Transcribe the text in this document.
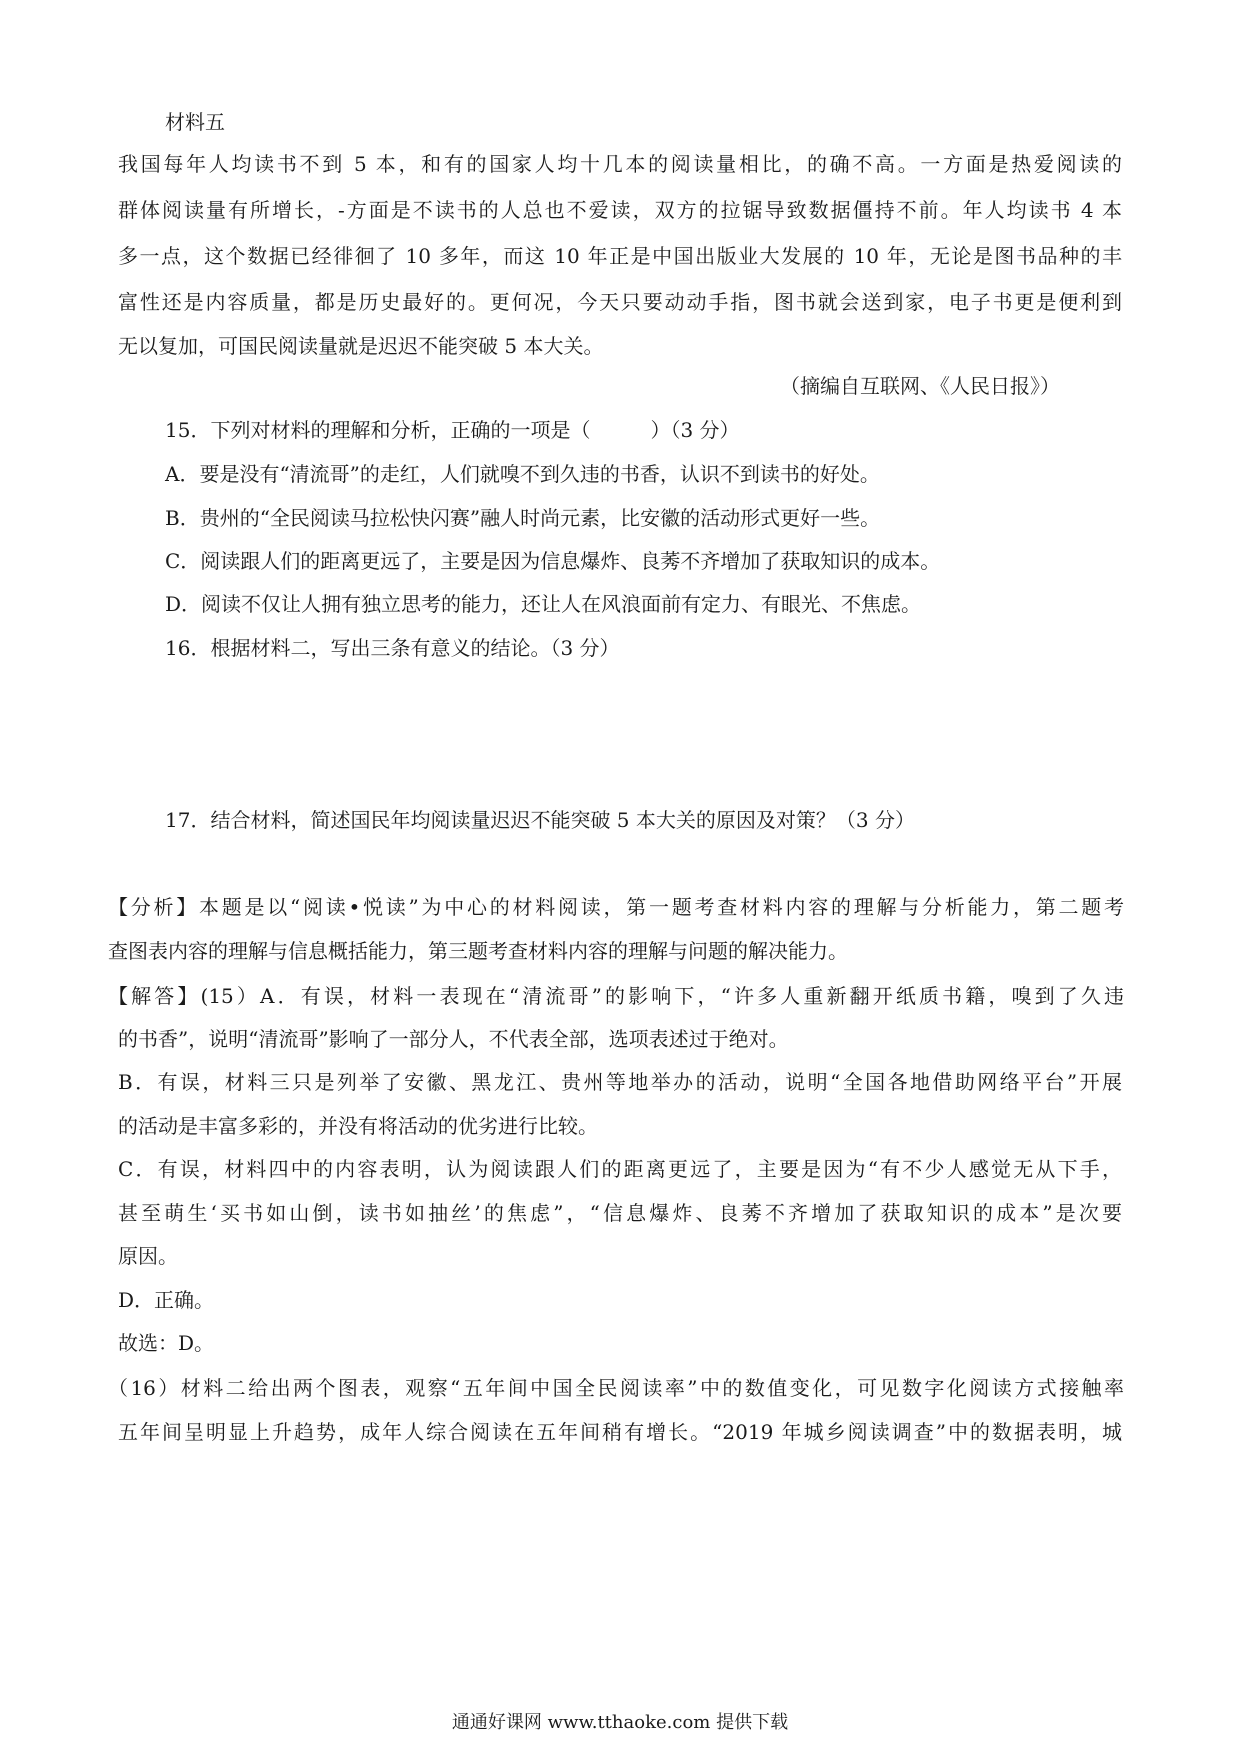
材料五
我国每年人均读书不到 5 本，和有的国家人均十几本的阅读量相比，的确不高。一方面是热爱阅读的
群体阅读量有所增长，-方面是不读书的人总也不爱读，双方的拉锯导致数据僵持不前。年人均读书 4 本
多一点，这个数据已经徘徊了 10 多年，而这 10 年正是中国出版业大发展的 10 年，无论是图书品种的丰
富性还是内容质量，都是历史最好的。更何况，今天只要动动手指，图书就会送到家，电子书更是便利到
无以复加，可国民阅读量就是迟迟不能突破 5 本大关。
（摘编自互联网、《人民日报》）
15．下列对材料的理解和分析，正确的一项是（　　　）（3 分）
A．要是没有“清流哥”的走红，人们就嗅不到久违的书香，认识不到读书的好处。
B．贵州的“全民阅读马拉松快闪赛”融人时尚元素，比安徽的活动形式更好一些。
C．阅读跟人们的距离更远了，主要是因为信息爆炸、良莠不齐增加了获取知识的成本。
D．阅读不仅让人拥有独立思考的能力，还让人在风浪面前有定力、有眼光、不焦虑。
16．根据材料二，写出三条有意义的结论。（3 分）
17．结合材料，简述国民年均阅读量迟迟不能突破 5 本大关的原因及对策？（3 分）
【分析】本题是以“阅读•悦读”为中心的材料阅读，第一题考查材料内容的理解与分析能力，第二题考
查图表内容的理解与信息概括能力，第三题考查材料内容的理解与问题的解决能力。
【解答】(15）A．有误，材料一表现在“清流哥”的影响下，“许多人重新翻开纸质书籍，嗅到了久违
的书香”，说明“清流哥”影响了一部分人，不代表全部，选项表述过于绝对。
B．有误，材料三只是列举了安徽、黑龙江、贵州等地举办的活动，说明“全国各地借助网络平台”开展
的活动是丰富多彩的，并没有将活动的优劣进行比较。
C．有误，材料四中的内容表明，认为阅读跟人们的距离更远了，主要是因为“有不少人感觉无从下手，
甚至萌生‘买书如山倒，读书如抽丝’的焦虑”，“信息爆炸、良莠不齐增加了获取知识的成本”是次要
原因。
D．正确。
故选：D。
（16）材料二给出两个图表，观察“五年间中国全民阅读率”中的数值变化，可见数字化阅读方式接触率
五年间呈明显上升趋势，成年人综合阅读在五年间稍有增长。“2019 年城乡阅读调查”中的数据表明，城
通通好课网 www.tthaoke.com 提供下载
